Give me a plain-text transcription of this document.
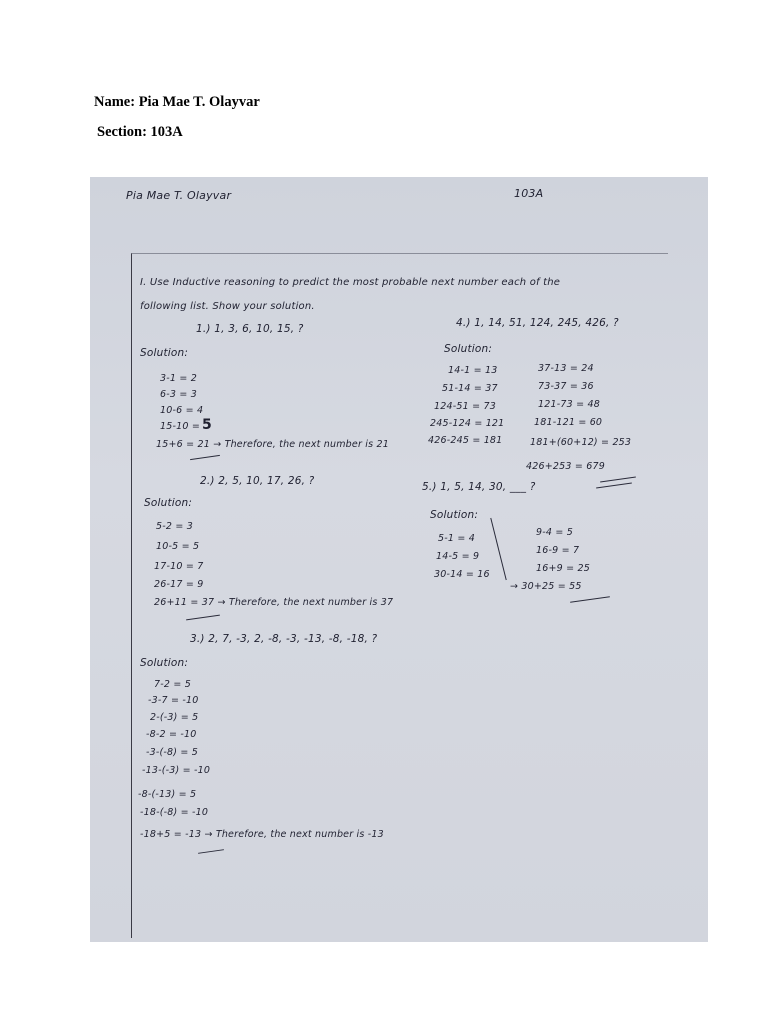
Name: Pia Mae T. Olayvar
Section: 103A
Pia Mae T. Olayvar	103A
I. Use Inductive reasoning to predict the most probable next number each of the
following list. Show your solution.
1.) 1, 3, 6, 10, 15, ?
Solution:
3-1 = 2
6-3 = 3
10-6 = 4
15-10 = 5
15+6 = 21 → Therefore, the next number is 21
2.) 2, 5, 10, 17, 26, ?
Solution:
5-2 = 3
10-5 = 5
17-10 = 7
26-17 = 9
26+11 = 37 → Therefore, the next number is 37
3.) 2, 7, -3, 2, -8, -3, -13, -8, -18, ?
Solution:
7-2 = 5
-3-7 = -10
2-(-3) = 5
-8-2 = -10
-3-(-8) = 5
-13-(-3) = -10
-8-(-13) = 5
-18-(-8) = -10
-18+5 = -13 → Therefore, the next number is -13
4.) 1, 14, 51, 124, 245, 426, ?
Solution:
14-1 = 13
51-14 = 37
124-51 = 73
245-124 = 121
426-245 = 181
37-13 = 24
73-37 = 36
121-73 = 48
181-121 = 60
181+(60+12) = 253
426+253 = 679
5.) 1, 5, 14, 30, ___ ?
Solution:
5-1 = 4
14-5 = 9
30-14 = 16
9-4 = 5
16-9 = 7
16+9 = 25
→ 30+25 = 55
